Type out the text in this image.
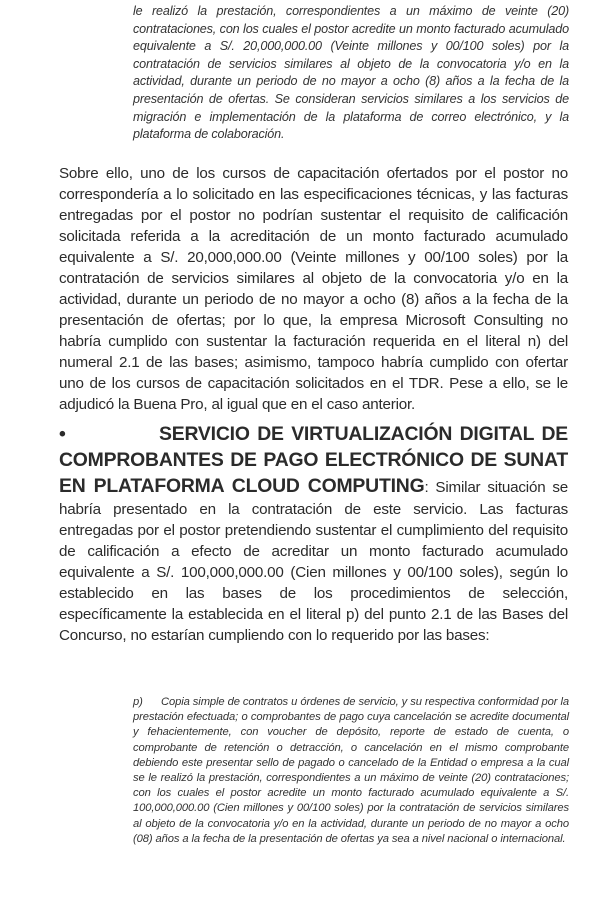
le realizó la prestación, correspondientes a un máximo de veinte (20) contrataciones, con los cuales el postor acredite un monto facturado acumulado equivalente a S/. 20,000,000.00 (Veinte millones y 00/100 soles) por la contratación de servicios similares al objeto de la convocatoria y/o en la actividad, durante un periodo de no mayor a ocho (8) años a la fecha de la presentación de ofertas. Se consideran servicios similares a los servicios de migración e implementación de la plataforma de correo electrónico, y la plataforma de colaboración.

Sobre ello, uno de los cursos de capacitación ofertados por el postor no correspondería a lo solicitado en las especificaciones técnicas, y las facturas entregadas por el postor no podrían sustentar el requisito de calificación solicitada referida a la acreditación de un monto facturado acumulado equivalente a S/. 20,000,000.00 (Veinte millones y 00/100 soles) por la contratación de servicios similares al objeto de la convocatoria y/o en la actividad, durante un periodo de no mayor a ocho (8) años a la fecha de la presentación de ofertas; por lo que, la empresa Microsoft Consulting no habría cumplido con sustentar la facturación requerida en el literal n) del numeral 2.1 de las bases; asimismo, tampoco habría cumplido con ofertar uno de los cursos de capacitación solicitados en el TDR. Pese a ello, se le adjudicó la Buena Pro, al igual que en el caso anterior.

•	SERVICIO DE VIRTUALIZACIÓN DIGITAL DE COMPROBANTES DE PAGO ELECTRÓNICO DE SUNAT EN PLATAFORMA CLOUD COMPUTING: Similar situación se habría presentado en la contratación de este servicio. Las facturas entregadas por el postor pretendiendo sustentar el cumplimiento del requisito de calificación a efecto de acreditar un monto facturado acumulado equivalente a S/. 100,000,000.00 (Cien millones y 00/100 soles), según lo establecido en las bases de los procedimientos de selección, específicamente la establecida en el literal p) del punto 2.1 de las Bases del Concurso, no estarían cumpliendo con lo requerido por las bases:

p) Copia simple de contratos u órdenes de servicio, y su respectiva conformidad por la prestación efectuada; o comprobantes de pago cuya cancelación se acredite documental y fehacientemente, con voucher de depósito, reporte de estado de cuenta, o comprobante de retención o detracción, o cancelación en el mismo comprobante debiendo este presentar sello de pagado o cancelado de la Entidad o empresa a la cual se le realizó la prestación, correspondientes a un máximo de veinte (20) contrataciones; con los cuales el postor acredite un monto facturado acumulado equivalente a S/. 100,000,000.00 (Cien millones y 00/100 soles) por la contratación de servicios similares al objeto de la convocatoria y/o en la actividad, durante un periodo de no mayor a ocho (08) años a la fecha de la presentación de ofertas ya sea a nivel nacional o internacional.
